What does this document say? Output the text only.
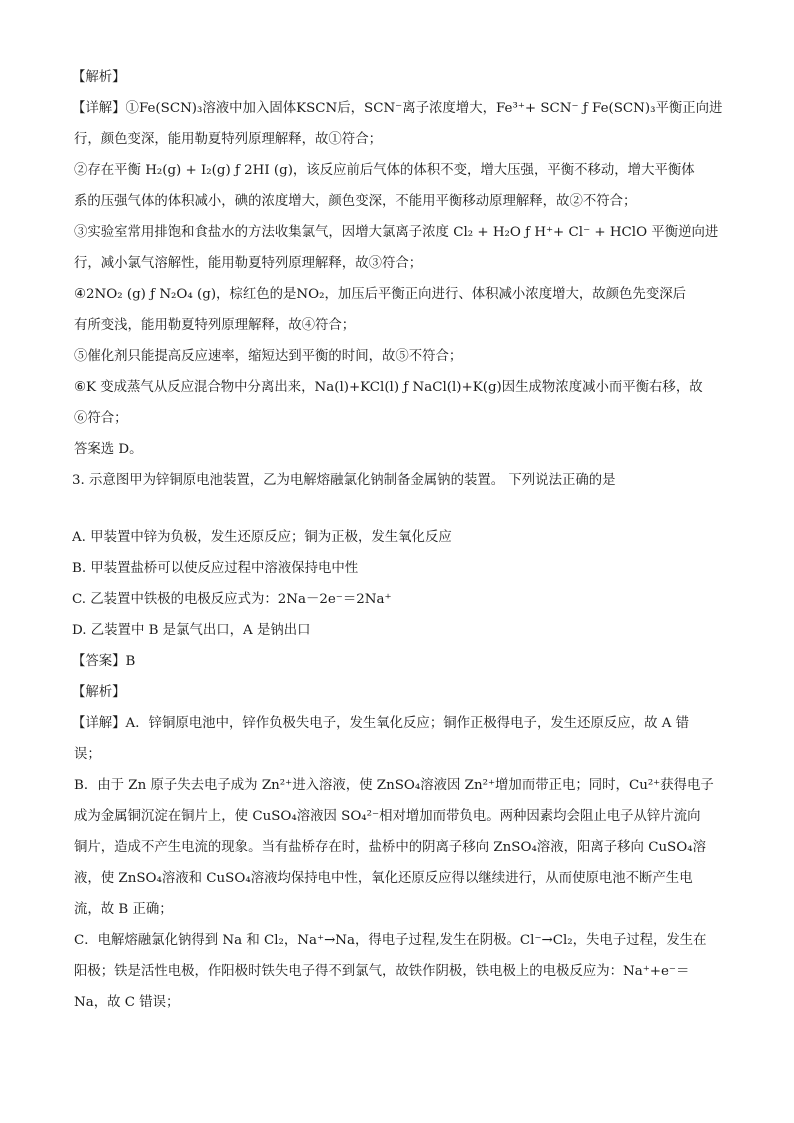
【解析】
【详解】①Fe(SCN)₃溶液中加入固体KSCN后，SCN⁻离子浓度增大，Fe³⁺+ SCN⁻ ƒ Fe(SCN)₃平衡正向进
行，颜色变深，能用勒夏特列原理解释，故①符合；
②存在平衡 H₂(g) + I₂(g) ƒ 2HI (g)，该反应前后气体的体积不变，增大压强，平衡不移动，增大平衡体
系的压强气体的体积减小，碘的浓度增大，颜色变深，不能用平衡移动原理解释，故②不符合；
③实验室常用排饱和食盐水的方法收集氯气，因增大氯离子浓度 Cl₂ + H₂O ƒ H⁺+ Cl⁻ + HClO 平衡逆向进
行，减小氯气溶解性，能用勒夏特列原理解释，故③符合；
④2NO₂ (g) ƒ N₂O₄ (g)，棕红色的是NO₂，加压后平衡正向进行、体积减小浓度增大，故颜色先变深后
有所变浅，能用勒夏特列原理解释，故④符合；
⑤催化剂只能提高反应速率，缩短达到平衡的时间，故⑤不符合；
⑥K 变成蒸气从反应混合物中分离出来，Na(l)+KCl(l) ƒ NaCl(l)+K(g)因生成物浓度减小而平衡右移，故
⑥符合；
答案选 D。
3. 示意图甲为锌铜原电池装置，乙为电解熔融氯化钠制备金属钠的装置。 下列说法正确的是
A. 甲装置中锌为负极，发生还原反应；铜为正极，发生氧化反应
B. 甲装置盐桥可以使反应过程中溶液保持电中性
C. 乙装置中铁极的电极反应式为：2Na－2e⁻＝2Na⁺
D. 乙装置中 B 是氯气出口，A 是钠出口
【答案】B
【解析】
【详解】A．锌铜原电池中，锌作负极失电子，发生氧化反应；铜作正极得电子，发生还原反应，故 A 错
误；
B．由于 Zn 原子失去电子成为 Zn²⁺进入溶液，使 ZnSO₄溶液因 Zn²⁺增加而带正电；同时，Cu²⁺获得电子
成为金属铜沉淀在铜片上，使 CuSO₄溶液因 SO₄²⁻相对增加而带负电。两种因素均会阻止电子从锌片流向
铜片，造成不产生电流的现象。当有盐桥存在时，盐桥中的阴离子移向 ZnSO₄溶液，阳离子移向 CuSO₄溶
液，使 ZnSO₄溶液和 CuSO₄溶液均保持电中性，氧化还原反应得以继续进行，从而使原电池不断产生电
流，故 B 正确；
C．电解熔融氯化钠得到 Na 和 Cl₂，Na⁺→Na，得电子过程,发生在阴极。Cl⁻→Cl₂，失电子过程，发生在
阳极；铁是活性电极，作阳极时铁失电子得不到氯气，故铁作阴极，铁电极上的电极反应为：Na⁺+e⁻＝
Na，故 C 错误；
